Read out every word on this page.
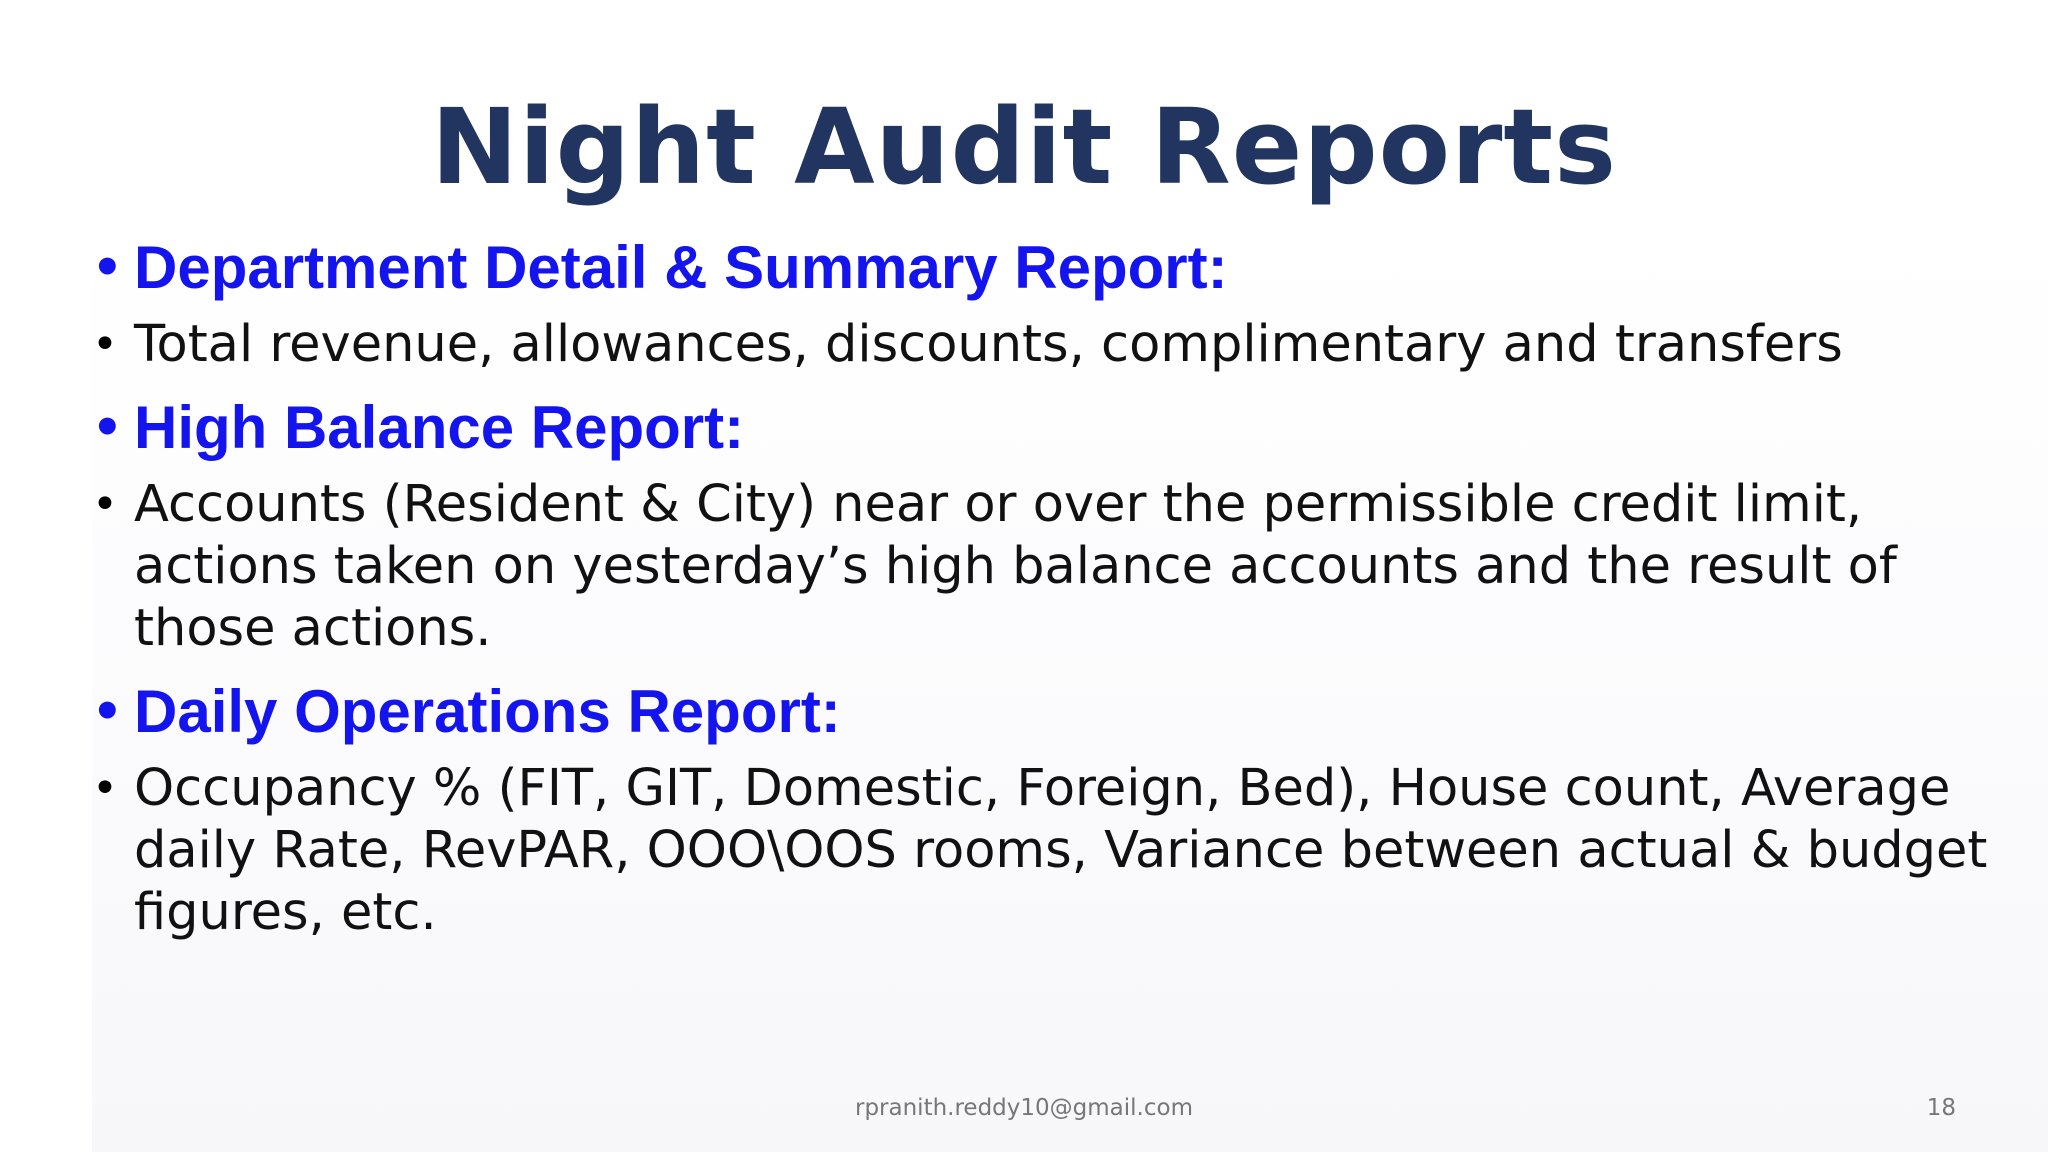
Night Audit Reports
• Department Detail & Summary Report:
• Total revenue, allowances, discounts, complimentary and transfers
• High Balance Report:
• Accounts (Resident & City) near or over the permissible credit limit, actions taken on yesterday’s high balance accounts and the result of those actions.
• Daily Operations Report:
• Occupancy % (FIT, GIT, Domestic, Foreign, Bed), House count, Average daily Rate, RevPAR, OOO\OOS rooms, Variance between actual & budget figures, etc.
rpranith.reddy10@gmail.com	18
